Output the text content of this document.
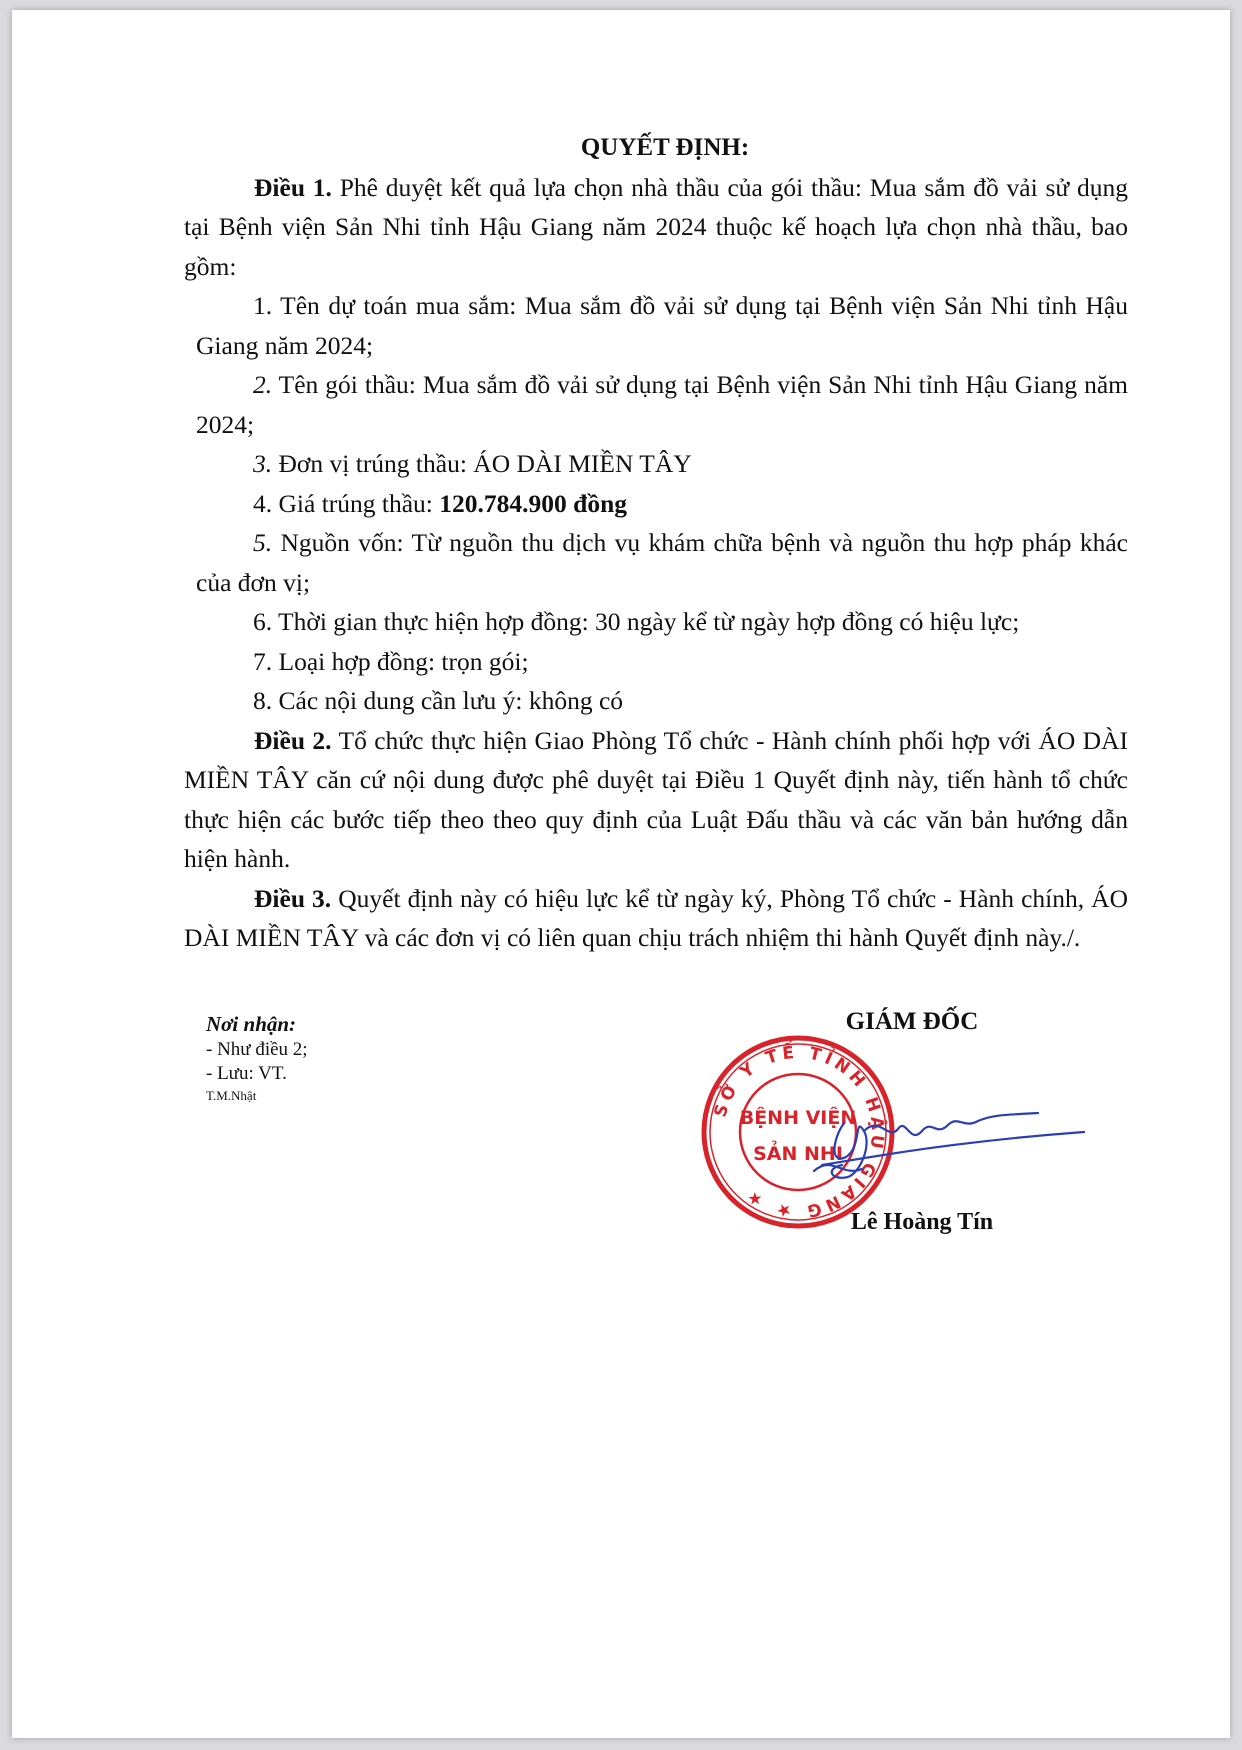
QUYẾT ĐỊNH:

Điều 1. Phê duyệt kết quả lựa chọn nhà thầu của gói thầu: Mua sắm đồ vải sử dụng tại Bệnh viện Sản Nhi tỉnh Hậu Giang năm 2024 thuộc kế hoạch lựa chọn nhà thầu, bao gồm:

1. Tên dự toán mua sắm: Mua sắm đồ vải sử dụng tại Bệnh viện Sản Nhi tỉnh Hậu Giang năm 2024;

2. Tên gói thầu: Mua sắm đồ vải sử dụng tại Bệnh viện Sản Nhi tỉnh Hậu Giang năm 2024;

3. Đơn vị trúng thầu: ÁO DÀI MIỀN TÂY

4. Giá trúng thầu: 120.784.900 đồng

5. Nguồn vốn: Từ nguồn thu dịch vụ khám chữa bệnh và nguồn thu hợp pháp khác của đơn vị;

6. Thời gian thực hiện hợp đồng: 30 ngày kể từ ngày hợp đồng có hiệu lực;

7. Loại hợp đồng: trọn gói;

8. Các nội dung cần lưu ý: không có

Điều 2. Tổ chức thực hiện Giao Phòng Tổ chức - Hành chính phối hợp với ÁO DÀI MIỀN TÂY căn cứ nội dung được phê duyệt tại Điều 1 Quyết định này, tiến hành tổ chức thực hiện các bước tiếp theo theo quy định của Luật Đấu thầu và các văn bản hướng dẫn hiện hành.

Điều 3. Quyết định này có hiệu lực kể từ ngày ký, Phòng Tổ chức - Hành chính, ÁO DÀI MIỀN TÂY và các đơn vị có liên quan chịu trách nhiệm thi hành Quyết định này./.

Nơi nhận:
- Như điều 2;
- Lưu: VT.
T.M.Nhật
GIÁM ĐỐC
SỞ Y TẾ TỈNH HẬU GIANG ★ ★
BỆNH VIỆN
SẢN NHI
Lê Hoàng Tín
